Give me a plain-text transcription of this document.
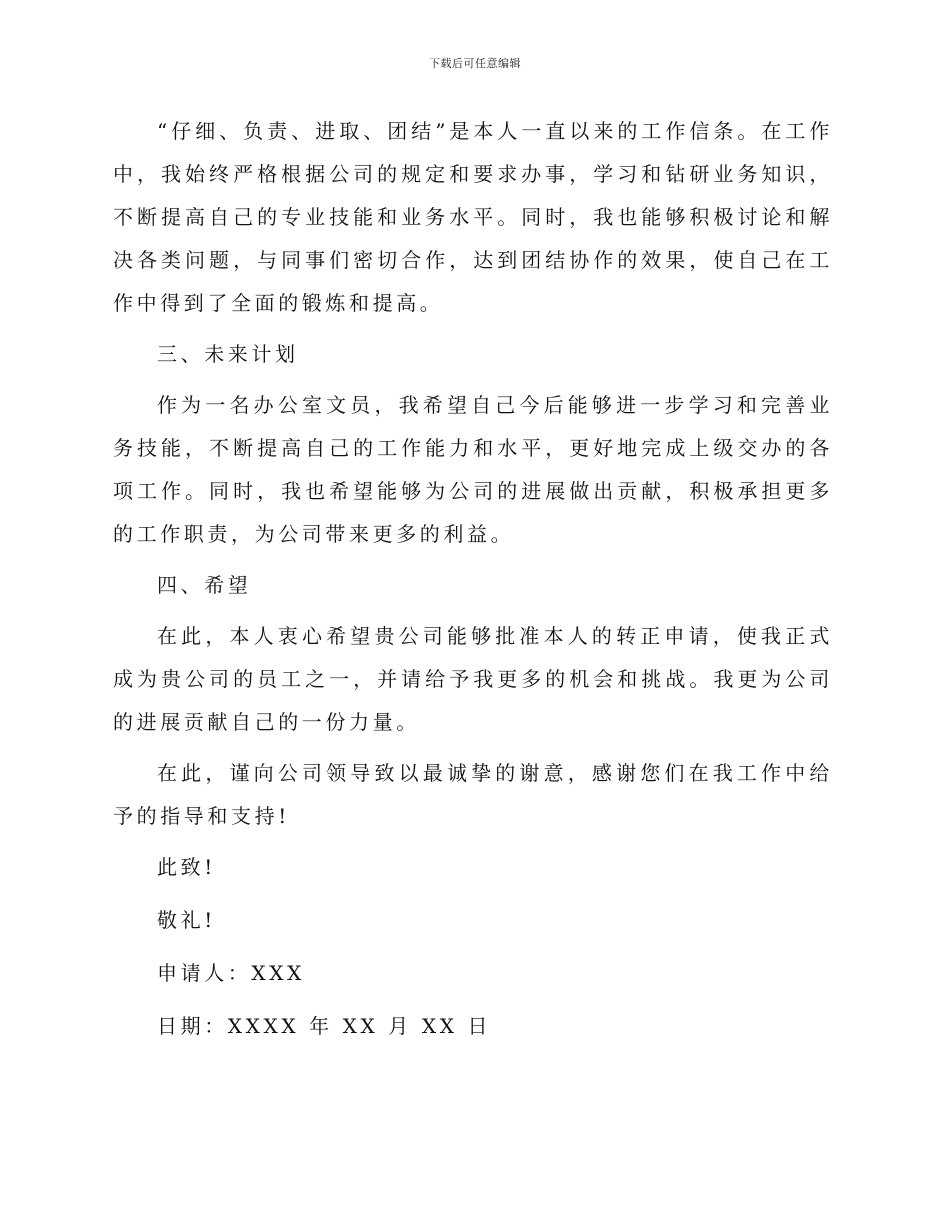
下载后可任意编辑

“仔细、负责、进取、团结”是本人一直以来的工作信条。在工作中，我始终严格根据公司的规定和要求办事，学习和钻研业务知识，不断提高自己的专业技能和业务水平。同时，我也能够积极讨论和解决各类问题，与同事们密切合作，达到团结协作的效果，使自己在工作中得到了全面的锻炼和提高。

三、未来计划

作为一名办公室文员，我希望自己今后能够进一步学习和完善业务技能，不断提高自己的工作能力和水平，更好地完成上级交办的各项工作。同时，我也希望能够为公司的进展做出贡献，积极承担更多的工作职责，为公司带来更多的利益。

四、希望

在此，本人衷心希望贵公司能够批准本人的转正申请，使我正式成为贵公司的员工之一，并请给予我更多的机会和挑战。我更为公司的进展贡献自己的一份力量。

在此，谨向公司领导致以最诚挚的谢意，感谢您们在我工作中给予的指导和支持!

此致!

敬礼!

申请人：XXX

日期：XXXX 年 XX 月 XX 日
